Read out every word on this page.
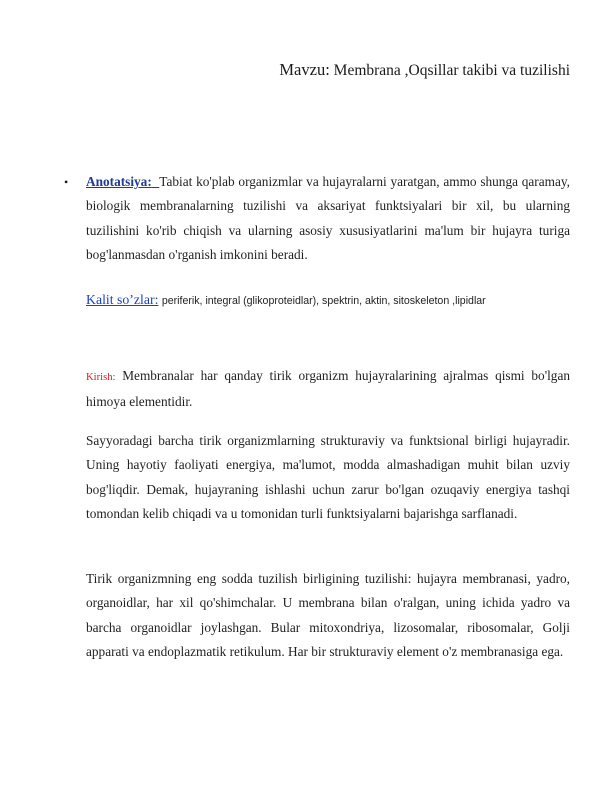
Mavzu: Membrana ,Oqsillar takibi va tuzilishi
• Anotatsiya: Tabiat ko'plab organizmlar va hujayralarni yaratgan, ammo shunga qaramay, biologik membranalarning tuzilishi va aksariyat funktsiyalari bir xil, bu ularning tuzilishini ko'rib chiqish va ularning asosiy xususiyatlarini ma'lum bir hujayra turiga bog'lanmasdan o'rganish imkonini beradi.
Kalit so’zlar: periferik, integral (glikoproteidlar), spektrin, aktin, sitoskeleton ,lipidlar
Kirish: Membranalar har qanday tirik organizm hujayralarining ajralmas qismi bo'lgan himoya elementidir.
Sayyoradagi barcha tirik organizmlarning strukturaviy va funktsional birligi hujayradir. Uning hayotiy faoliyati energiya, ma'lumot, modda almashadigan muhit bilan uzviy bog'liqdir. Demak, hujayraning ishlashi uchun zarur bo'lgan ozuqaviy energiya tashqi tomondan kelib chiqadi va u tomonidan turli funktsiyalarni bajarishga sarflanadi.
Tirik organizmning eng sodda tuzilish birligining tuzilishi: hujayra membranasi, yadro, organoidlar, har xil qo'shimchalar. U membrana bilan o'ralgan, uning ichida yadro va barcha organoidlar joylashgan. Bular mitoxondriya, lizosomalar, ribosomalar, Golji apparati va endoplazmatik retikulum. Har bir strukturaviy element o'z membranasiga ega.
